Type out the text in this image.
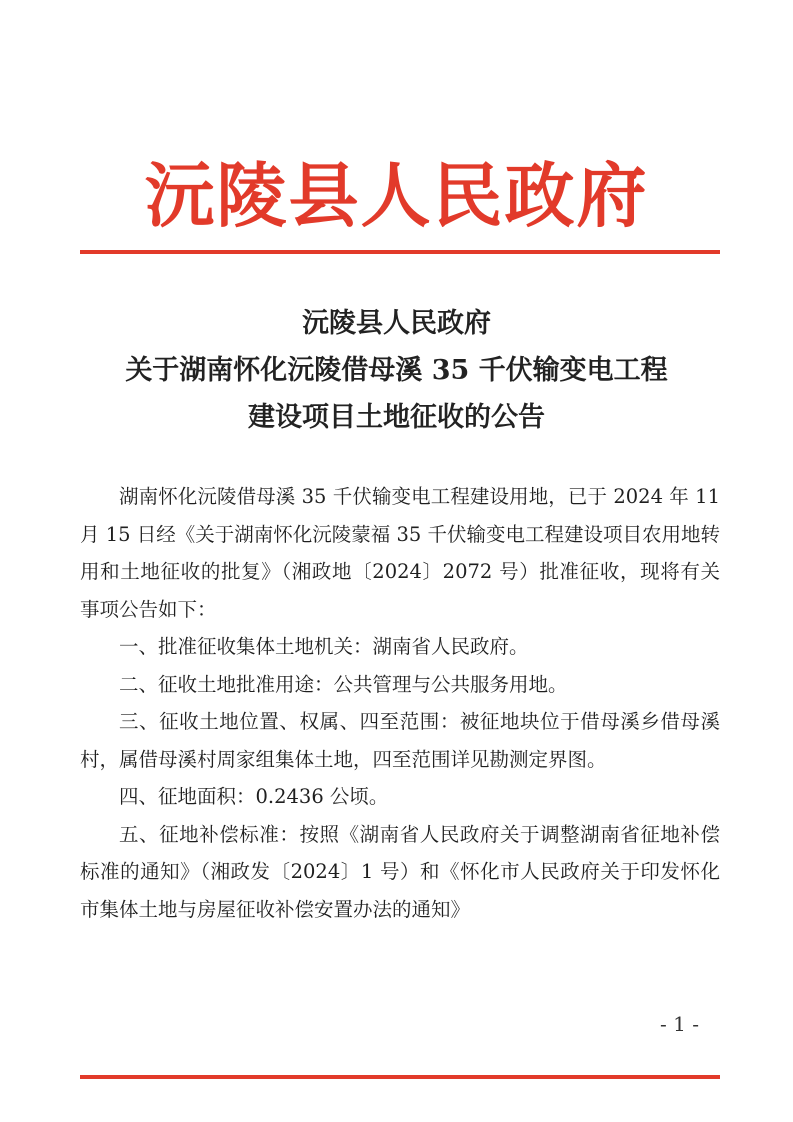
沅陵县人民政府
沅陵县人民政府
关于湖南怀化沅陵借母溪 35 千伏输变电工程
建设项目土地征收的公告

湖南怀化沅陵借母溪 35 千伏输变电工程建设用地，已于 2024 年 11 月 15 日经《关于湖南怀化沅陵蒙福 35 千伏输变电工程建设项目农用地转用和土地征收的批复》（湘政地〔2024〕2072 号）批准征收，现将有关事项公告如下：

一、批准征收集体土地机关：湖南省人民政府。

二、征收土地批准用途：公共管理与公共服务用地。

三、征收土地位置、权属、四至范围：被征地块位于借母溪乡借母溪村，属借母溪村周家组集体土地，四至范围详见勘测定界图。

四、征地面积：0.2436 公顷。

五、征地补偿标准：按照《湖南省人民政府关于调整湖南省征地补偿标准的通知》（湘政发〔2024〕1 号）和《怀化市人民政府关于印发怀化市集体土地与房屋征收补偿安置办法的通知》

- 1 -
